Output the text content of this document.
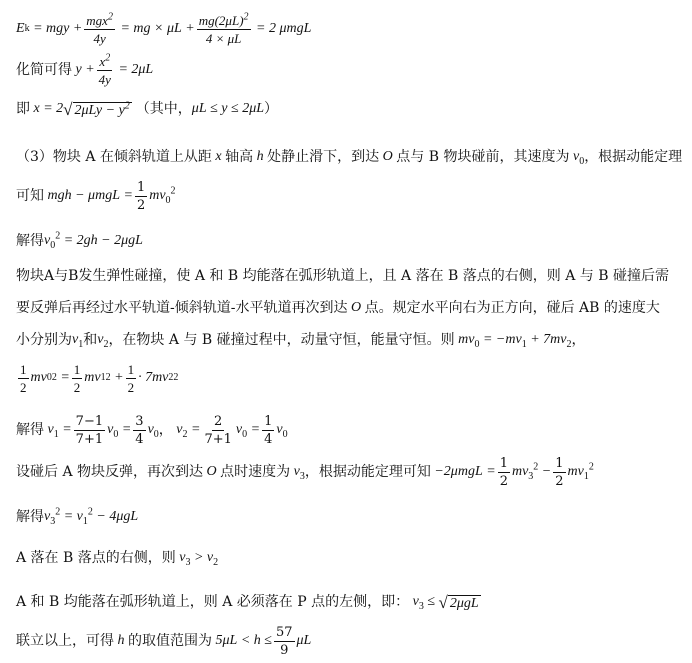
E k = mgy + $\frac{mgx^2}{4y}$ = mg × $\mu L + \frac{mg(2\mu L)^2}{4 \times \mu L} = 2$ μmgL
化简可得 $y + \frac{x^2}{4y} = 2\mu L$
即 x = 2 √ $2\mu Ly - y^2$ （其中， μL ≤ y ≤ 2μL ）
（3）物块 A 在倾斜轨道上从距 x 轴高 h 处静止滑下，到达 O 点与 B 物块碰前，其速度为 $v_0$ ，根据动能定理
可知 mgh − $\mu mgL = \frac{1}{2} mv_0^2$
解得 $v_0^2 = 2gh - 2\mu gL$
物块A与B发生弹性碰撞，使 A 和 B 均能落在弧形轨道上，且 A 落在 B 落点的右侧，则 A 与 B 碰撞后需
要反弹后再经过水平轨道-倾斜轨道-水平轨道再次到达 O 点。规定水平向右为正方向，碰后 AB 的速度大
小分别为 $v_1$ 和 $v_2$ ，在物块 A 与 B 碰撞过程中，动量守恒，能量守恒。则 $mv_0 = -mv_1 + 7mv_2$ ，
$\frac{1}{2}$ mv 0 $2 = \frac{1}{2}$ mv 1 $2 + \frac{1}{2} \cdot 7mv$ 2 2
解得 $v_1 = \frac{7-1}{7+1} v_0 = \frac{3}{4} v_0$ ， $v_2 = \frac{2}{7+1} v_0 = \frac{1}{4} v_0$
设碰后 A 物块反弹，再次到达 O 点时速度为 $v_3$ ，根据动能定理可知 $-2\mu mgL = \frac{1}{2} mv_3^2 - \frac{1}{2} mv_1^2$
解得 $v_3^2 = v_1^2 - 4\mu gL$
A 落在 B 落点的右侧，则 $v_3 > v_2$
A 和 B 均能落在弧形轨道上，则 A 必须落在 P 点的左侧，即： $v_3$ ≤ √ 2μgL
联立以上，可得 h 的取值范围为 $5\mu L < h \le \frac{57}{9}$ μL
